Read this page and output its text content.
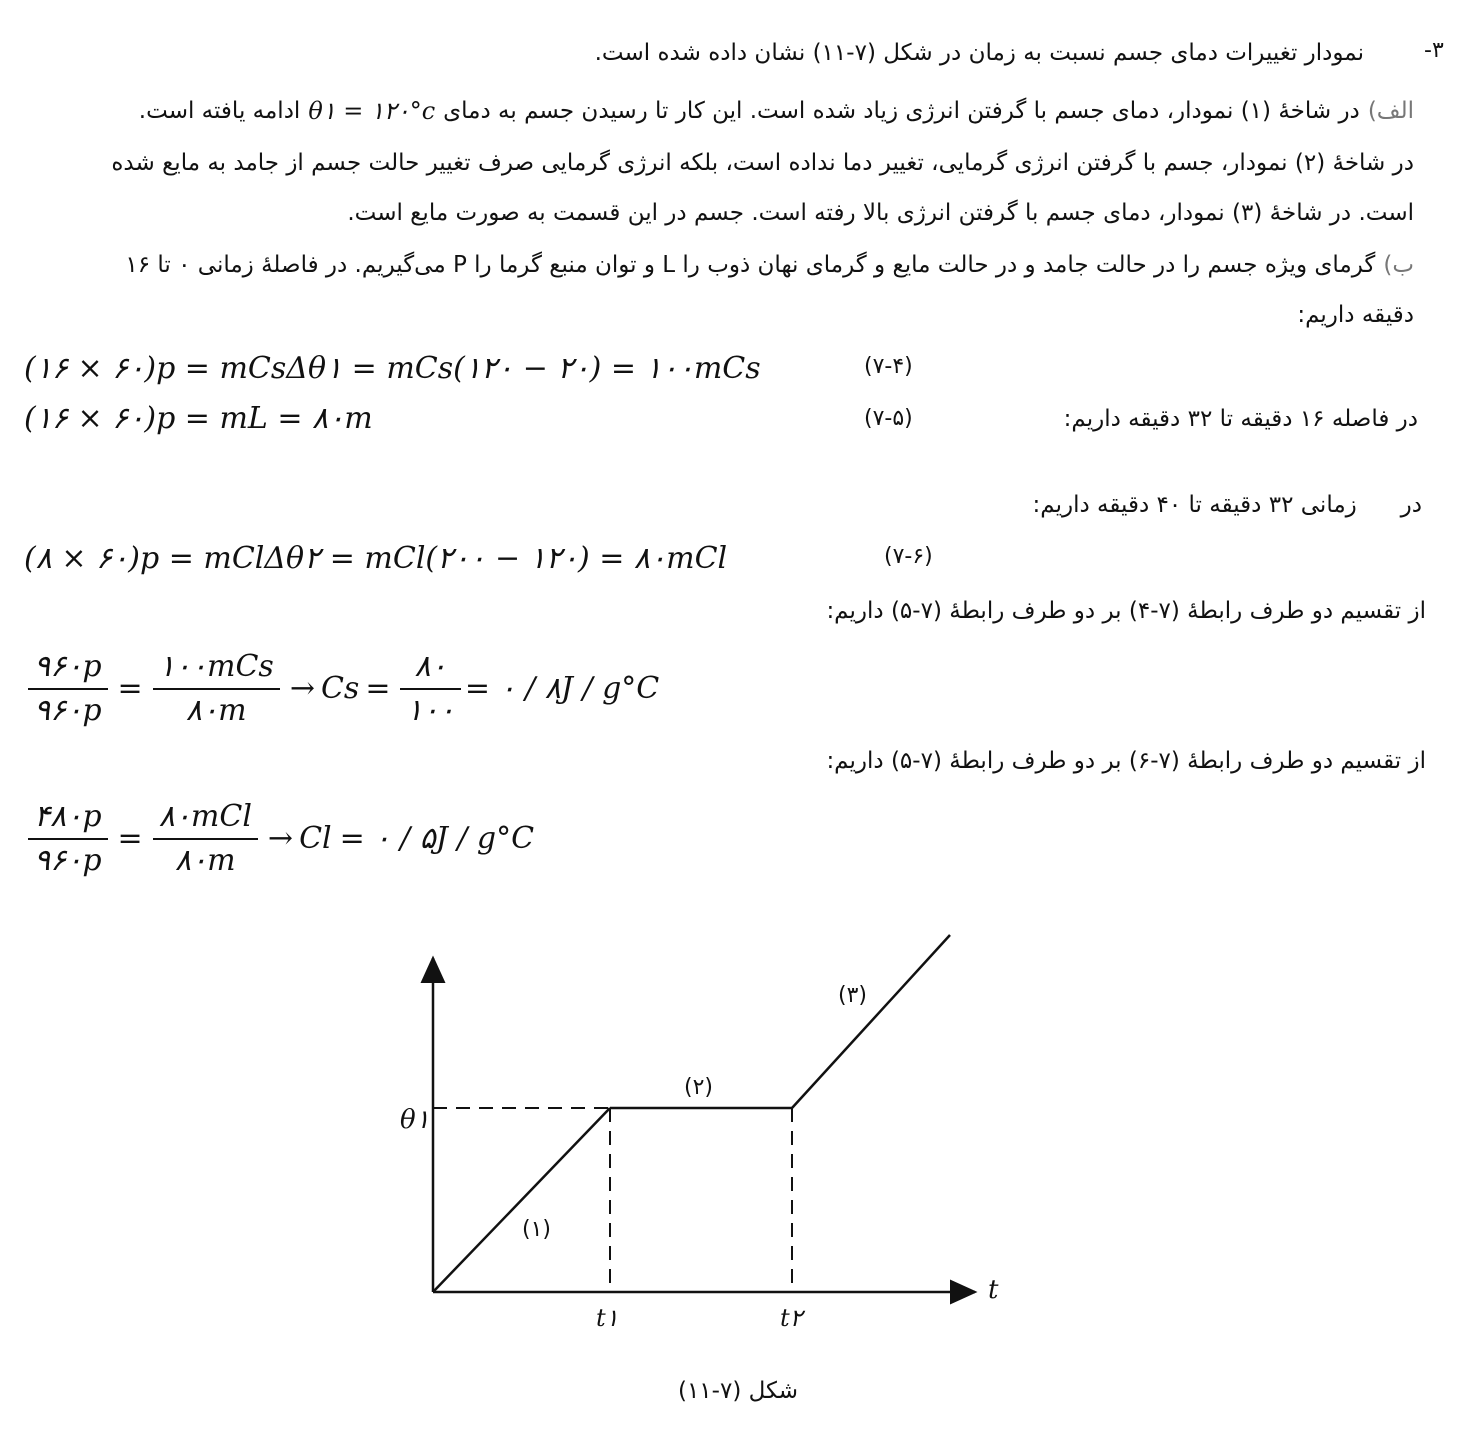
نمودار تغییرات دمای جسم نسبت به زمان در شکل (۷-۱۱) نشان داده شده است.	-۳
الف)
در شاخهٔ (۱) نمودار، دمای جسم با گرفتن انرژی زیاد شده است. این کار تا رسیدن جسم به دمای
θ۱ = ۱۲۰°c
ادامه یافته است.
در شاخهٔ (۲) نمودار، جسم با گرفتن انرژی گرمایی، تغییر دما نداده است، بلکه انرژی گرمایی صرف تغییر حالت جسم از جامد به مایع شده
است. در شاخهٔ (۳) نمودار، دمای جسم با گرفتن انرژی بالا رفته است. جسم در این قسمت به صورت مایع است.
ب)
گرمای ویژه جسم را در حالت جامد و در حالت مایع و گرمای نهان ذوب را L و توان منبع گرما را P می‌گیریم. در فاصلهٔ زمانی ۰ تا ۱۶
دقیقه داریم:
(۱۶ × ۶۰)p = mCsΔθ۱ = mCs(۱۲۰ − ۲۰) = ۱۰۰mCs	(۷-۴)
(۱۶ × ۶۰)p = mL = ۸۰m	(۷-۵)	در فاصله ۱۶ دقیقه تا ۳۲ دقیقه داریم:
در      زمانی ۳۲ دقیقه تا ۴۰ دقیقه داریم:
(۸ × ۶۰)p = mClΔθ۲ = mCl(۲۰۰ − ۱۲۰) = ۸۰mCl	(۷-۶)
از تقسیم دو طرف رابطهٔ (۷-۴) بر دو طرف رابطهٔ (۷-۵) داریم:
$\frac{۹۶۰p}{۹۶۰p} = \frac{\text{۱۰۰mCs}}{۸۰m} \to Cs = \frac{۸۰}{۱۰۰}$ = ۰ / ۸J / g°C
از تقسیم دو طرف رابطهٔ (۷-۶) بر دو طرف رابطهٔ (۷-۵) داریم:
$\frac{۴۸۰p}{۹۶۰p} = \frac{\text{۸۰mCl}}{۸۰m} \to Cl$ = ۰ / ۵J / g°C
θ۱
t
t۱	t۲
(۱)
(۲)
(۳)
شکل (۷-۱۱)
